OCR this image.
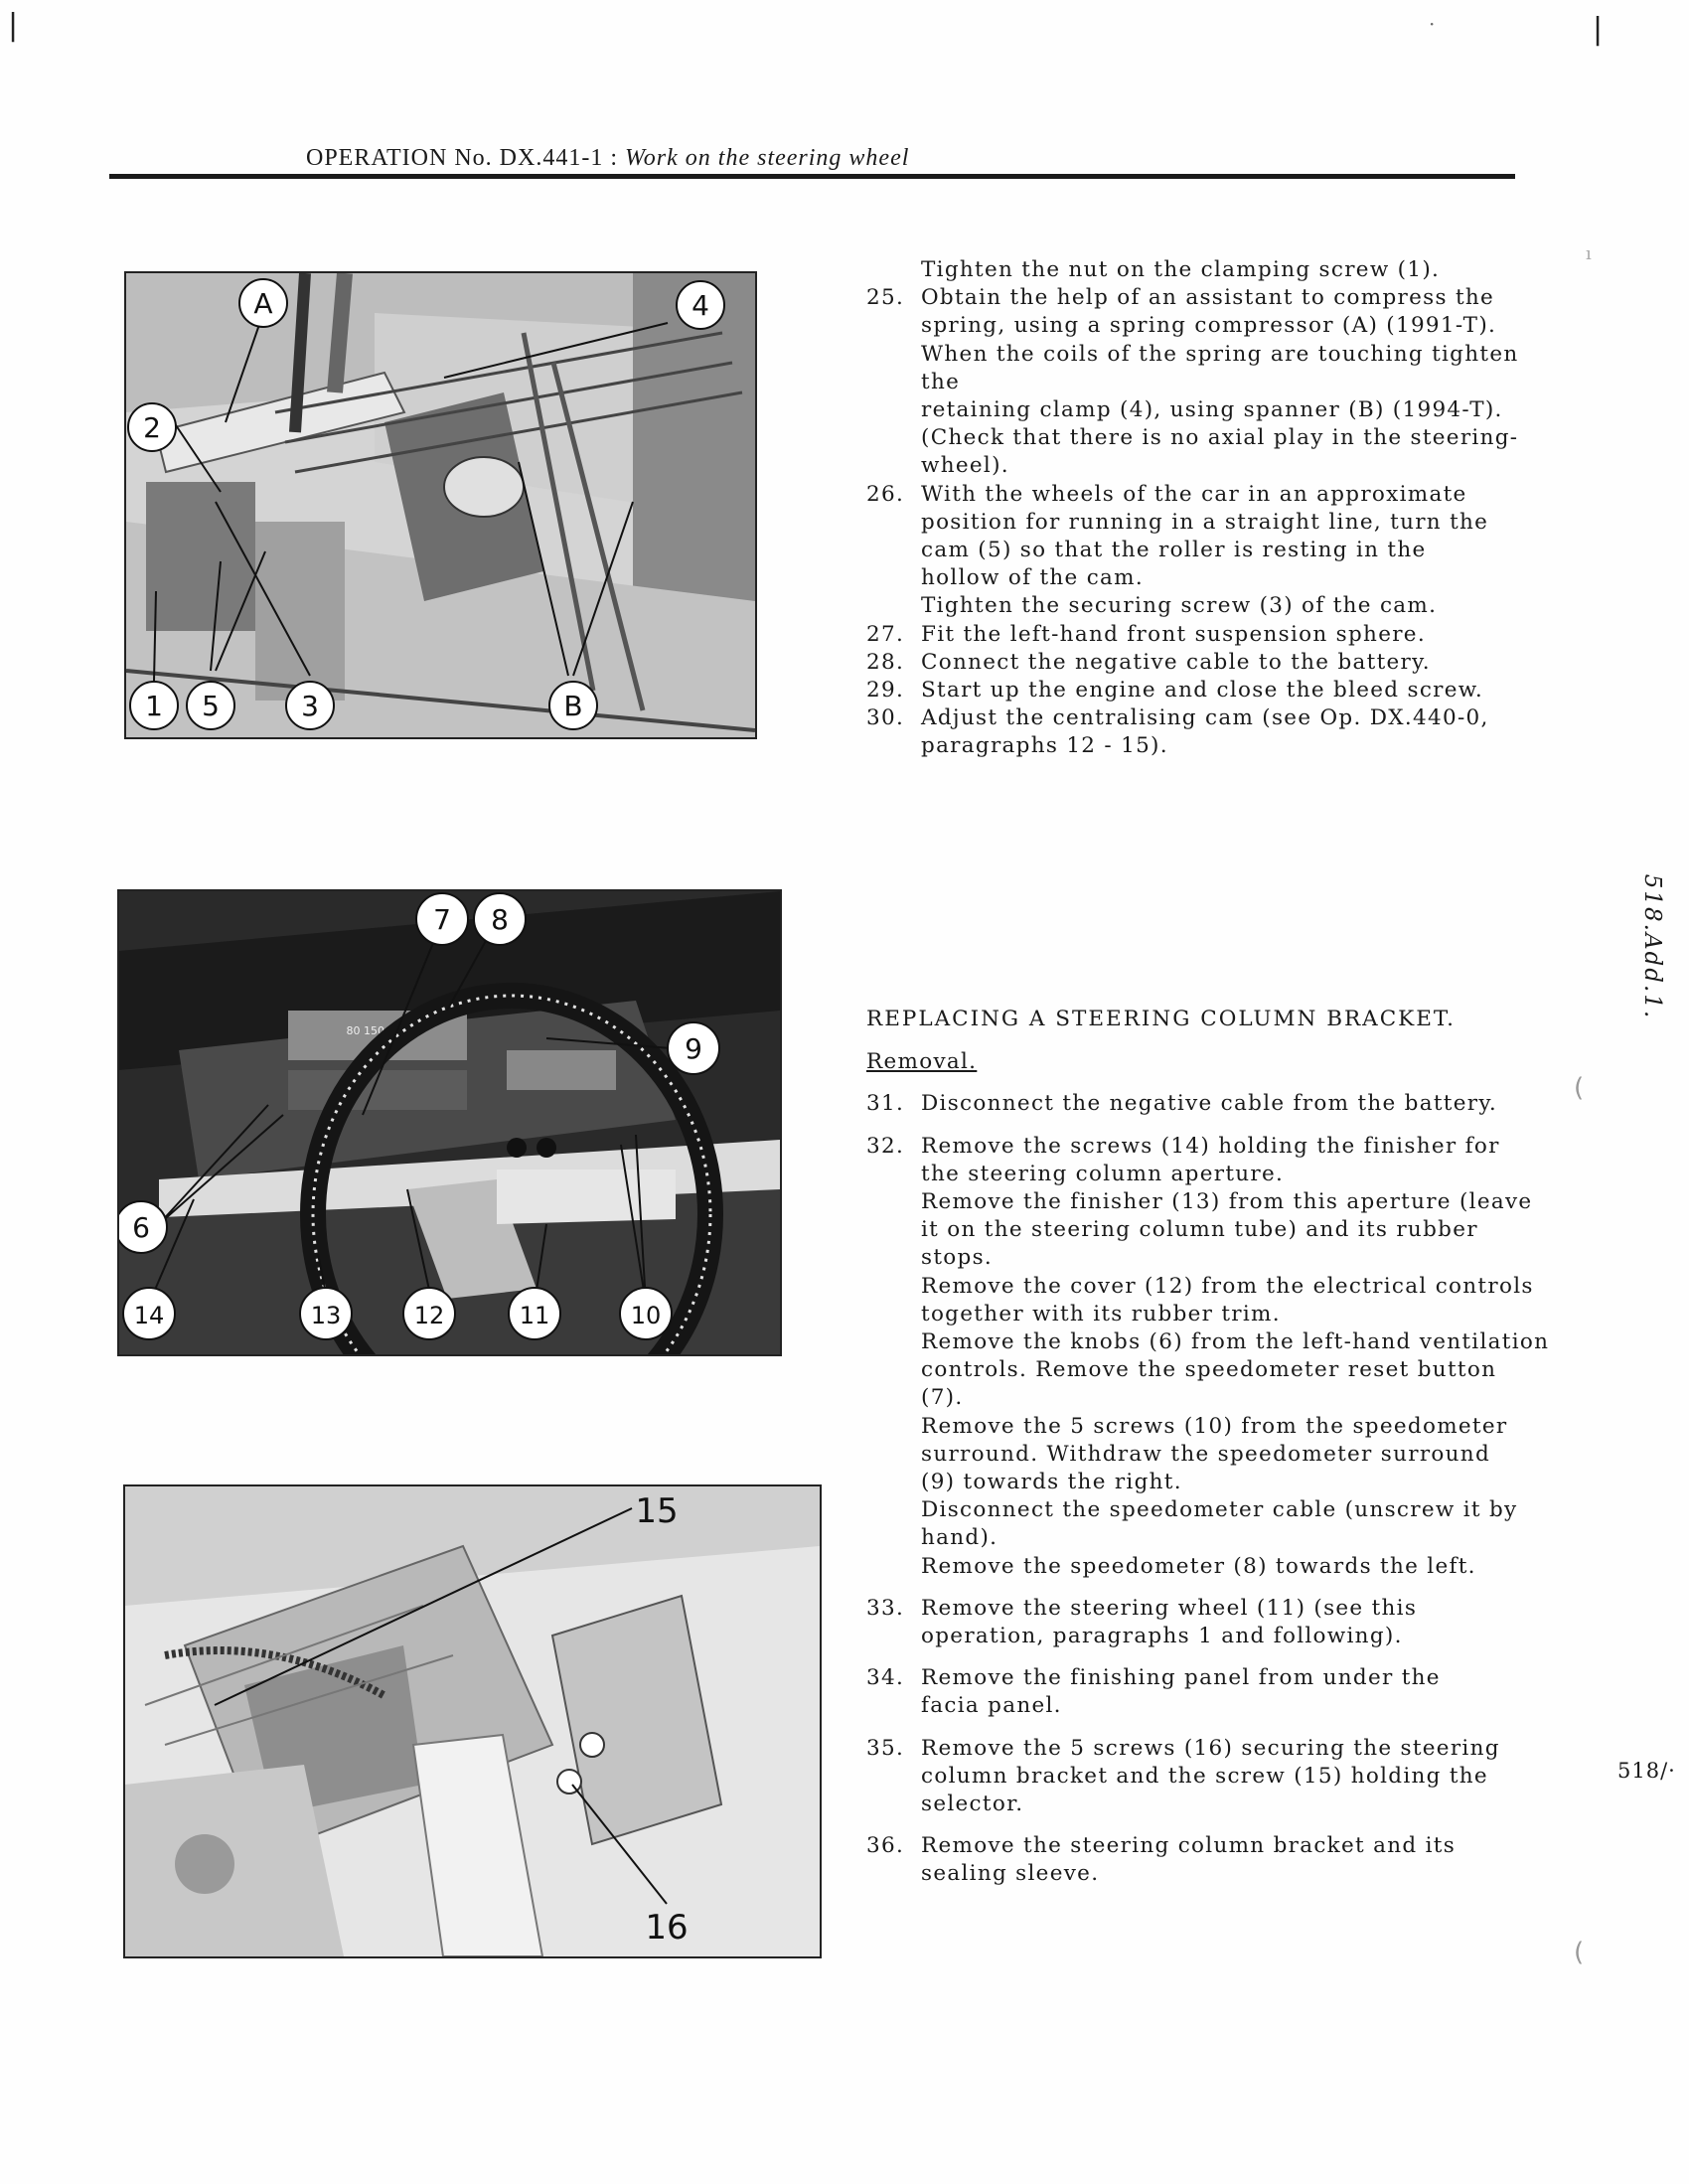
|	·	|
OPERATION No. DX.441-1 : Work on the steering wheel
A
2
1 5	3
4
B
80 150 250
7 8
9
6
14	13	12	11	10
15
16

Tighten the nut on the clamping screw (1).

25. Obtain the help of an assistant to compress the
spring, using a spring compressor (A) (1991-T).

When the coils of the spring are touching tighten the
retaining clamp (4), using spanner (B) (1994-T).
(Check that there is no axial play in the steering-
wheel).

26. With the wheels of the car in an approximate
position for running in a straight line, turn the
cam (5) so that the roller is resting in the
hollow of the cam.

Tighten the securing screw (3) of the cam.

27. Fit the left-hand front suspension sphere.

28. Connect the negative cable to the battery.

29. Start up the engine and close the bleed screw.

30. Adjust the centralising cam (see Op. DX.440-0,
paragraphs 12 - 15).

REPLACING A STEERING COLUMN BRACKET.

Removal.

31. Disconnect the negative cable from the battery.

32. Remove the screws (14) holding the finisher for
the steering column aperture.

Remove the finisher (13) from this aperture (leave
it on the steering column tube) and its rubber
stops.

Remove the cover (12) from the electrical controls
together with its rubber trim.

Remove the knobs (6) from the left-hand ventilation
controls. Remove the speedometer reset button
(7).

Remove the 5 screws (10) from the speedometer
surround. Withdraw the speedometer surround
(9) towards the right.

Disconnect the speedometer cable (unscrew it by
hand).

Remove the speedometer (8) towards the left.

33. Remove the steering wheel (11) (see this
operation, paragraphs 1 and following).

34. Remove the finishing panel from under the
facia panel.

35. Remove the 5 screws (16) securing the steering
column bracket and the screw (15) holding the
selector.

36. Remove the steering column bracket and its
sealing sleeve.

518.Add.1.
518/·
(
(
ı
